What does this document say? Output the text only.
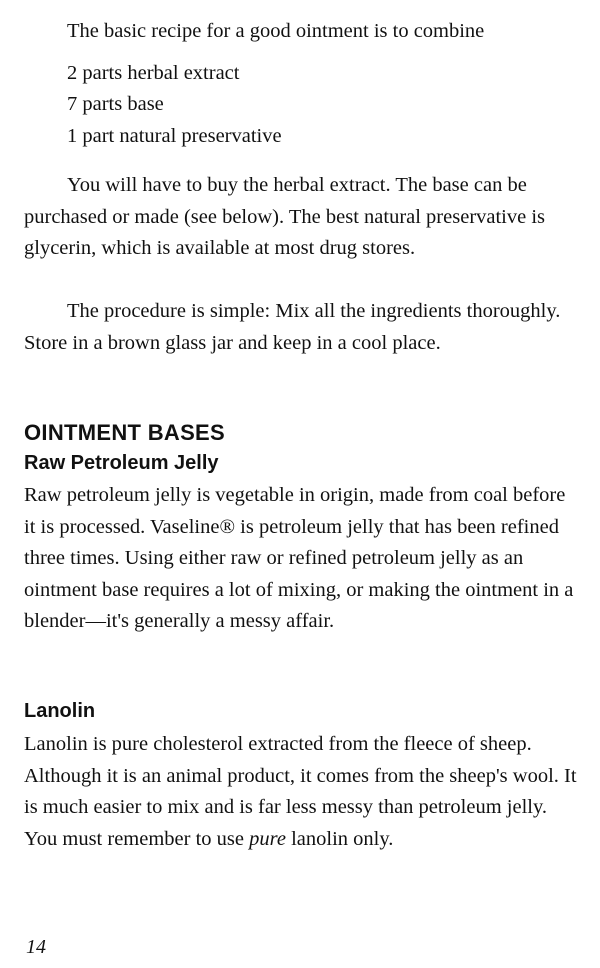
The basic recipe for a good ointment is to combine

2 parts herbal extract

7 parts base

1 part natural preservative

You will have to buy the herbal extract. The base can be purchased or made (see below). The best natural preservative is glycerin, which is available at most drug stores.

The procedure is simple: Mix all the ingredients thoroughly. Store in a brown glass jar and keep in a cool place.

OINTMENT BASES
Raw Petroleum Jelly

Raw petroleum jelly is vegetable in origin, made from coal before it is processed. Vaseline® is petroleum jelly that has been refined three times. Using either raw or refined petroleum jelly as an ointment base requires a lot of mixing, or making the ointment in a blender—it's generally a messy affair.

Lanolin

Lanolin is pure cholesterol extracted from the fleece of sheep. Although it is an animal product, it comes from the sheep's wool. It is much easier to mix and is far less messy than petroleum jelly. You must remember to use pure lanolin only.

14
